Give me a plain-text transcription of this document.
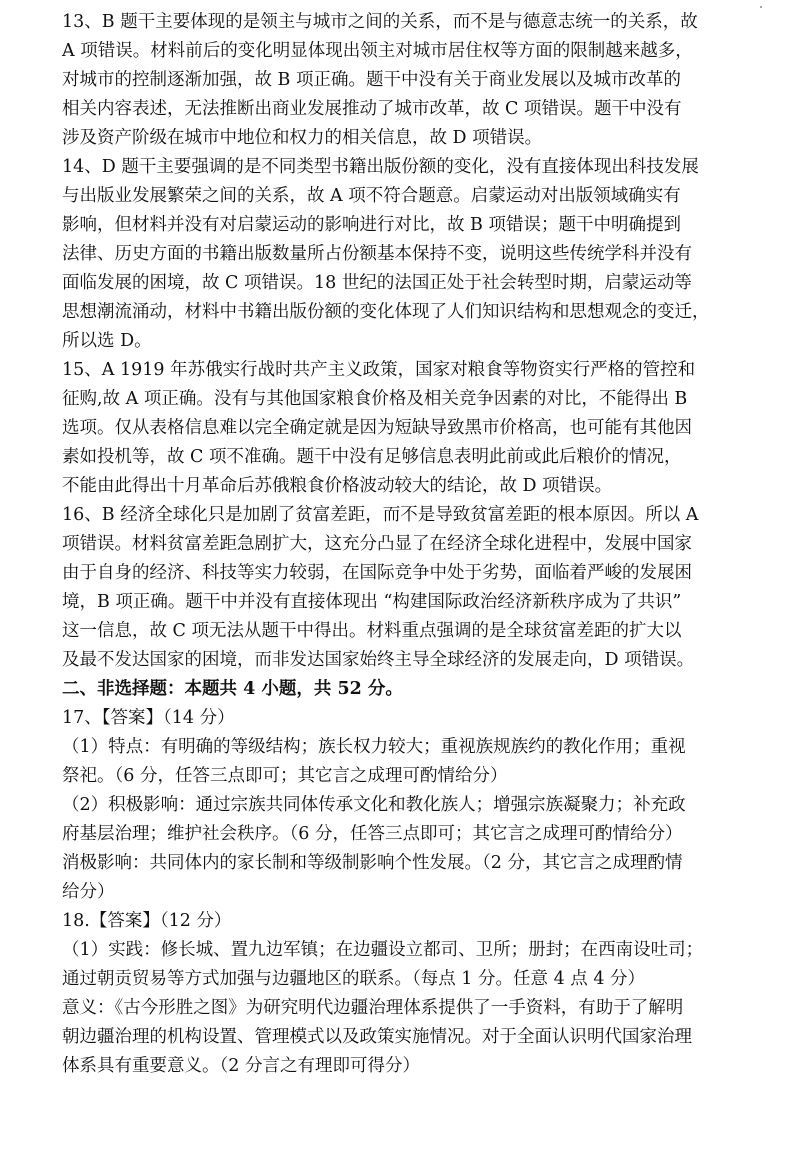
13、B 题干主要体现的是领主与城市之间的关系，而不是与德意志统一的关系，故
A 项错误。材料前后的变化明显体现出领主对城市居住权等方面的限制越来越多，
对城市的控制逐渐加强，故 B 项正确。题干中没有关于商业发展以及城市改革的
相关内容表述，无法推断出商业发展推动了城市改革，故 C 项错误。题干中没有
涉及资产阶级在城市中地位和权力的相关信息，故 D 项错误。
14、D 题干主要强调的是不同类型书籍出版份额的变化，没有直接体现出科技发展
与出版业发展繁荣之间的关系，故 A 项不符合题意。启蒙运动对出版领域确实有
影响，但材料并没有对启蒙运动的影响进行对比，故 B 项错误；题干中明确提到
法律、历史方面的书籍出版数量所占份额基本保持不变，说明这些传统学科并没有
面临发展的困境，故 C 项错误。18 世纪的法国正处于社会转型时期，启蒙运动等
思想潮流涌动，材料中书籍出版份额的变化体现了人们知识结构和思想观念的变迁，
所以选 D。
15、A 1919 年苏俄实行战时共产主义政策，国家对粮食等物资实行严格的管控和
征购,故 A 项正确。没有与其他国家粮食价格及相关竞争因素的对比，不能得出 B
选项。仅从表格信息难以完全确定就是因为短缺导致黑市价格高，也可能有其他因
素如投机等，故 C 项不准确。题干中没有足够信息表明此前或此后粮价的情况，
不能由此得出十月革命后苏俄粮食价格波动较大的结论，故 D 项错误。
16、B 经济全球化只是加剧了贫富差距，而不是导致贫富差距的根本原因。所以 A
项错误。材料贫富差距急剧扩大，这充分凸显了在经济全球化进程中，发展中国家
由于自身的经济、科技等实力较弱，在国际竞争中处于劣势，面临着严峻的发展困
境，B 项正确。题干中并没有直接体现出 “构建国际政治经济新秩序成为了共识”
这一信息，故 C 项无法从题干中得出。材料重点强调的是全球贫富差距的扩大以
及最不发达国家的困境，而非发达国家始终主导全球经济的发展走向，D 项错误。
二、非选择题：本题共 4 小题，共 52 分。
17、【答案】（14 分）
（1）特点：有明确的等级结构；族长权力较大；重视族规族约的教化作用；重视
祭祀。（6 分，任答三点即可；其它言之成理可酌情给分）
（2）积极影响：通过宗族共同体传承文化和教化族人；增强宗族凝聚力；补充政
府基层治理；维护社会秩序。（6 分，任答三点即可；其它言之成理可酌情给分）
消极影响：共同体内的家长制和等级制影响个性发展。（2 分，其它言之成理酌情
给分）
18.【答案】（12 分）
（1）实践：修长城、置九边军镇；在边疆设立都司、卫所；册封；在西南设吐司；
通过朝贡贸易等方式加强与边疆地区的联系。（每点 1 分。任意 4 点 4 分）
意义：《古今形胜之图》为研究明代边疆治理体系提供了一手资料，有助于了解明
朝边疆治理的机构设置、管理模式以及政策实施情况。对于全面认识明代国家治理
体系具有重要意义。（2 分言之有理即可得分）
